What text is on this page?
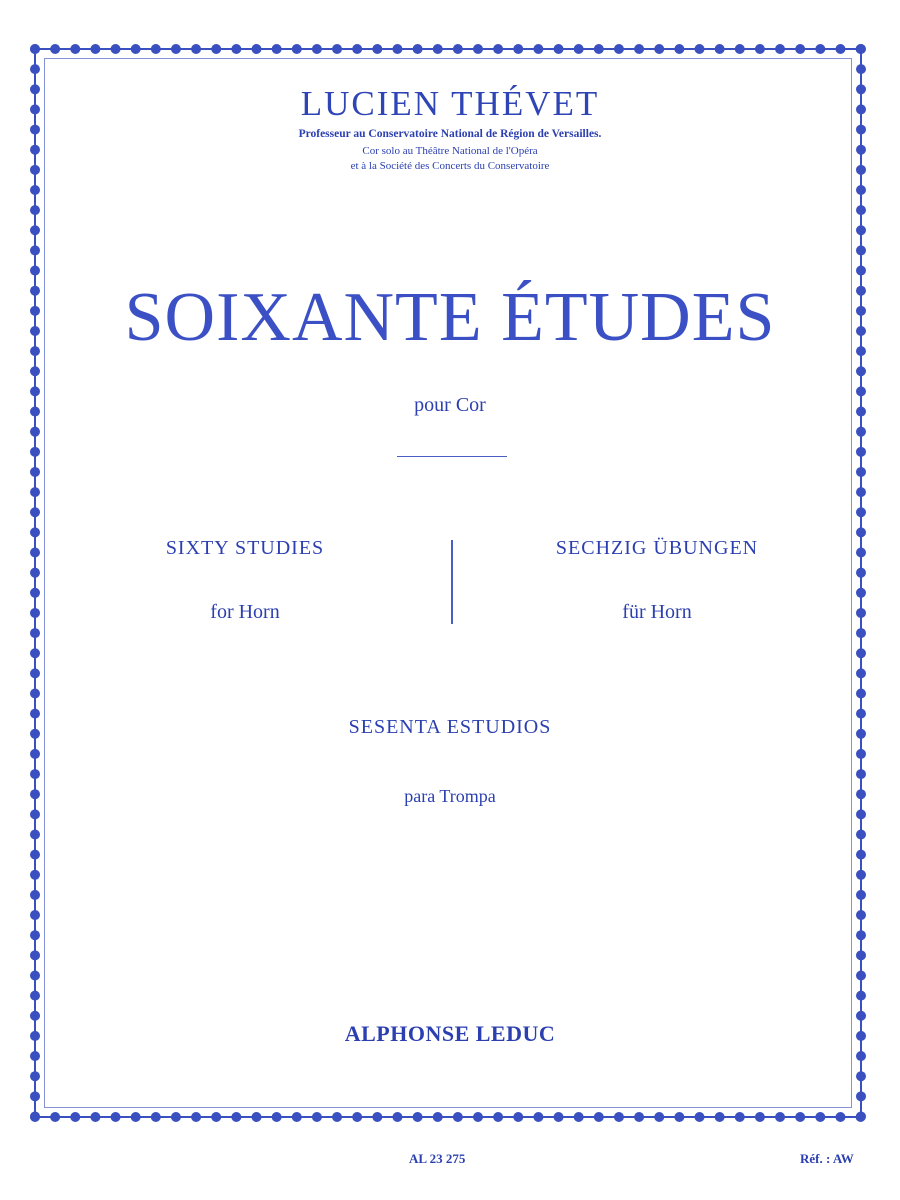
LUCIEN THÉVET
Professeur au Conservatoire National de Région de Versailles.
Cor solo au Théâtre National de l'Opéra
et à la Société des Concerts du Conservatoire
SOIXANTE ÉTUDES
pour Cor
SIXTY STUDIES
for Horn
SECHZIG ÜBUNGEN
für Horn
SESENTA ESTUDIOS
para Trompa
ALPHONSE LEDUC
AL 23 275	Réf. : AW
